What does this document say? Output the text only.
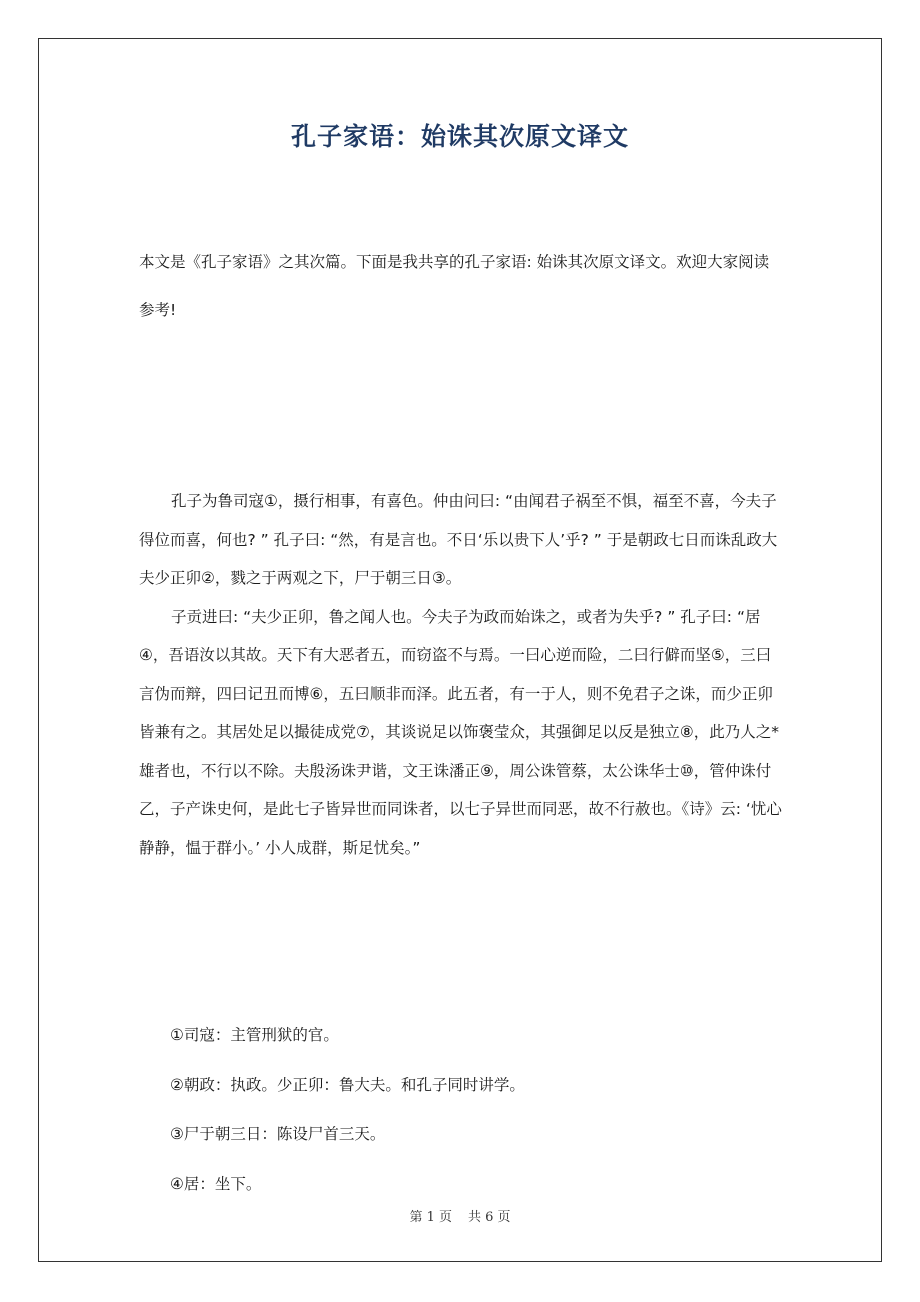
孔子家语：始诛其次原文译文

本文是《孔子家语》之其次篇。下面是我共享的孔子家语: 始诛其次原文译文。欢迎大家阅读参考!

孔子为鲁司寇①，摄行相事，有喜色。仲由问曰: “由闻君子祸至不惧，福至不喜，今夫子得位而喜，何也? ” 孔子曰: “然，有是言也。不日‘乐以贵下人’乎? ” 于是朝政七日而诛乱政大夫少正卯②，戮之于两观之下，尸于朝三日③。

子贡进曰: “夫少正卯，鲁之闻人也。今夫子为政而始诛之，或者为失乎? ” 孔子曰: “居④，吾语汝以其故。天下有大恶者五，而窃盗不与焉。一曰心逆而险，二曰行僻而坚⑤，三曰言伪而辩，四曰记丑而博⑥，五曰顺非而泽。此五者，有一于人，则不免君子之诛，而少正卯皆兼有之。其居处足以撮徒成党⑦，其谈说足以饰褒莹众，其强御足以反是独立⑧，此乃人之*雄者也，不行以不除。夫殷汤诛尹谐，文王诛潘正⑨，周公诛管蔡，太公诛华士⑩，管仲诛付乙，子产诛史何，是此七子皆异世而同诛者，以七子异世而同恶，故不行赦也。《诗》云: ‘忧心静静，愠于群小。’ 小人成群，斯足忧矣。”

①司寇：主管刑狱的官。
②朝政：执政。少正卯：鲁大夫。和孔子同时讲学。
③尸于朝三日：陈设尸首三天。
④居：坐下。
第 1 页 共 6 页
